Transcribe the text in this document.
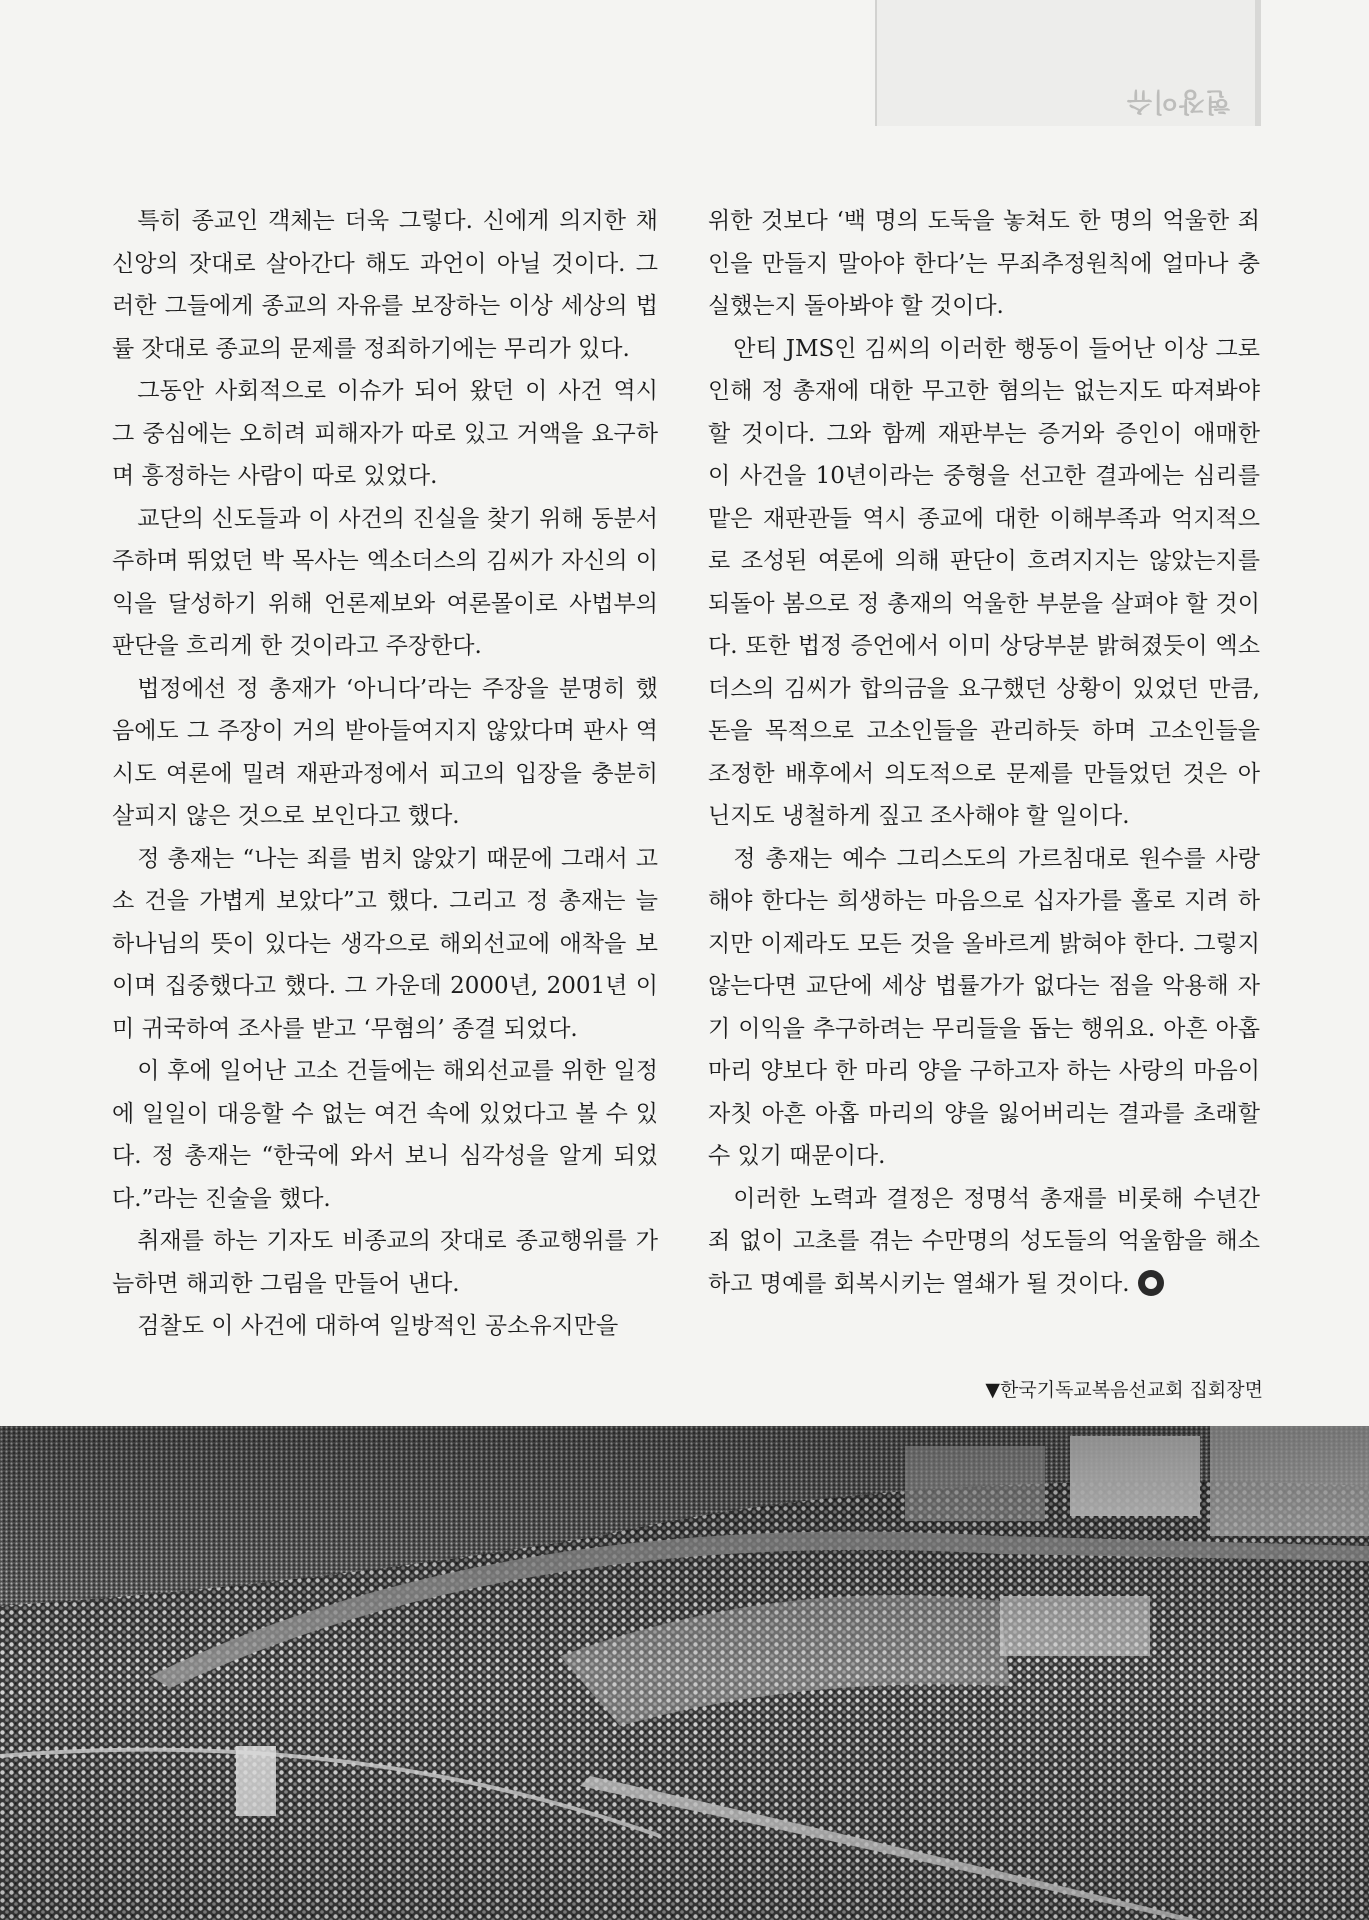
현장이슈

특히 종교인 객체는 더욱 그렇다. 신에게 의지한 채 신앙의 잣대로 살아간다 해도 과언이 아닐 것이다. 그러한 그들에게 종교의 자유를 보장하는 이상 세상의 법률 잣대로 종교의 문제를 정죄하기에는 무리가 있다.

그동안 사회적으로 이슈가 되어 왔던 이 사건 역시 그 중심에는 오히려 피해자가 따로 있고 거액을 요구하며 흥정하는 사람이 따로 있었다.

교단의 신도들과 이 사건의 진실을 찾기 위해 동분서주하며 뛰었던 박 목사는 엑소더스의 김씨가 자신의 이익을 달성하기 위해 언론제보와 여론몰이로 사법부의 판단을 흐리게 한 것이라고 주장한다.

법정에선 정 총재가 ‘아니다’라는 주장을 분명히 했음에도 그 주장이 거의 받아들여지지 않았다며 판사 역시도 여론에 밀려 재판과정에서 피고의 입장을 충분히 살피지 않은 것으로 보인다고 했다.

정 총재는 “나는 죄를 범치 않았기 때문에 그래서 고소 건을 가볍게 보았다”고 했다. 그리고 정 총재는 늘 하나님의 뜻이 있다는 생각으로 해외선교에 애착을 보이며 집중했다고 했다. 그 가운데 2000년, 2001년 이미 귀국하여 조사를 받고 ‘무혐의’ 종결 되었다.

이 후에 일어난 고소 건들에는 해외선교를 위한 일정에 일일이 대응할 수 없는 여건 속에 있었다고 볼 수 있다. 정 총재는 “한국에 와서 보니 심각성을 알게 되었다.”라는 진술을 했다.

취재를 하는 기자도 비종교의 잣대로 종교행위를 가늠하면 해괴한 그림을 만들어 낸다.

검찰도 이 사건에 대하여 일방적인 공소유지만을

위한 것보다 ‘백 명의 도둑을 놓쳐도 한 명의 억울한 죄인을 만들지 말아야 한다’는 무죄추정원칙에 얼마나 충실했는지 돌아봐야 할 것이다.

안티 JMS인 김씨의 이러한 행동이 들어난 이상 그로 인해 정 총재에 대한 무고한 혐의는 없는지도 따져봐야 할 것이다. 그와 함께 재판부는 증거와 증인이 애매한 이 사건을 10년이라는 중형을 선고한 결과에는 심리를 맡은 재판관들 역시 종교에 대한 이해부족과 억지적으로 조성된 여론에 의해 판단이 흐려지지는 않았는지를 되돌아 봄으로 정 총재의 억울한 부분을 살펴야 할 것이다. 또한 법정 증언에서 이미 상당부분 밝혀졌듯이 엑소더스의 김씨가 합의금을 요구했던 상황이 있었던 만큼, 돈을 목적으로 고소인들을 관리하듯 하며 고소인들을 조정한 배후에서 의도적으로 문제를 만들었던 것은 아닌지도 냉철하게 짚고 조사해야 할 일이다.

정 총재는 예수 그리스도의 가르침대로 원수를 사랑해야 한다는 희생하는 마음으로 십자가를 홀로 지려 하지만 이제라도 모든 것을 올바르게 밝혀야 한다. 그렇지 않는다면 교단에 세상 법률가가 없다는 점을 악용해 자기 이익을 추구하려는 무리들을 돕는 행위요. 아흔 아홉 마리 양보다 한 마리 양을 구하고자 하는 사랑의 마음이 자칫 아흔 아홉 마리의 양을 잃어버리는 결과를 초래할 수 있기 때문이다.

이러한 노력과 결정은 정명석 총재를 비롯해 수년간 죄 없이 고초를 겪는 수만명의 성도들의 억울함을 해소하고 명예를 회복시키는 열쇄가 될 것이다.

▼한국기독교복음선교회 집회장면
